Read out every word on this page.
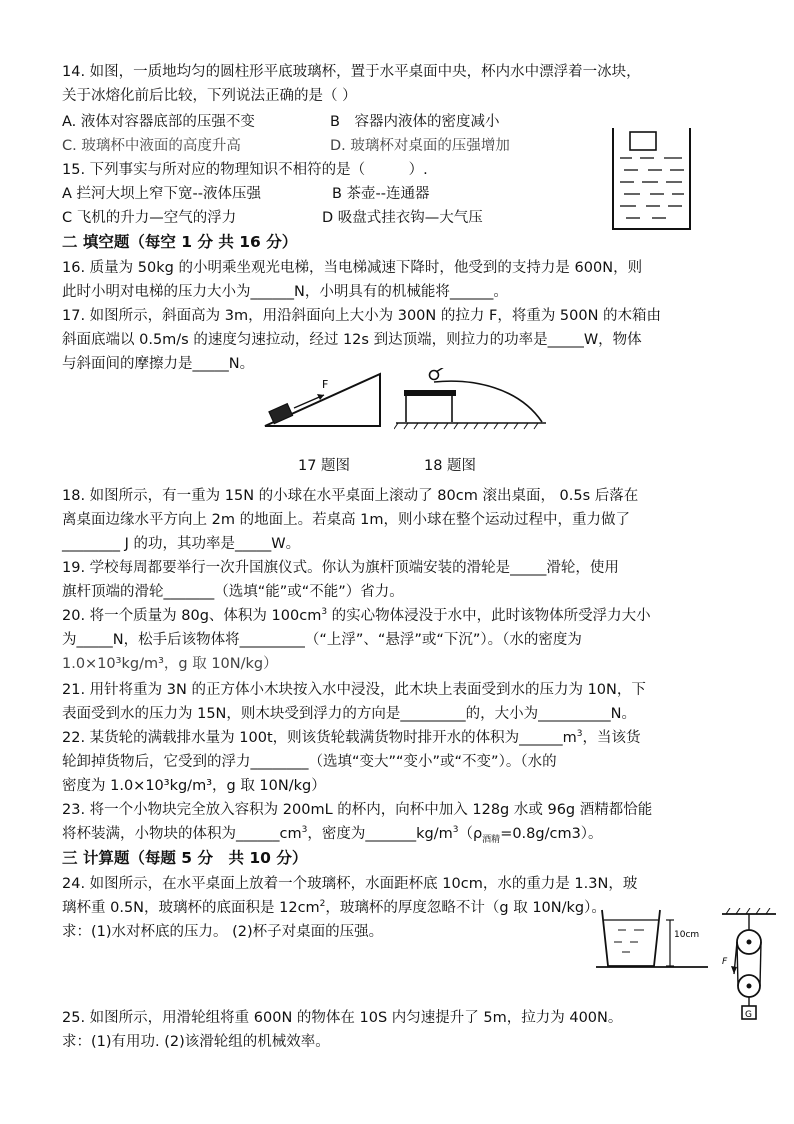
14. 如图，一质地均匀的圆柱形平底玻璃杯，置于水平桌面中央，杯内水中漂浮着一冰块，
关于冰熔化前后比较，下列说法正确的是（ ）
A. 液体对容器底部的压强不变	B　容器内液体的密度减小
C. 玻璃杯中液面的高度升高	D. 玻璃杯对桌面的压强增加
15. 下列事实与所对应的物理知识不相符的是（　　　）.
A 拦河大坝上窄下宽--液体压强	B 茶壶--连通器
C 飞机的升力—空气的浮力	D 吸盘式挂衣钩—大气压
二 填空题（每空 1 分 共 16 分）
16. 质量为 50kg 的小明乘坐观光电梯，当电梯减速下降时，他受到的支持力是 600N，则
此时小明对电梯的压力大小为______N，小明具有的机械能将______。
17. 如图所示，斜面高为 3m，用沿斜面向上大小为 300N 的拉力 F，将重为 500N 的木箱由
斜面底端以 0.5m/s 的速度匀速拉动，经过 12s 到达顶端，则拉力的功率是_____W，物体
与斜面间的摩擦力是_____N。
F
17 题图	18 题图
18. 如图所示，有一重为 15N 的小球在水平桌面上滚动了 80cm 滚出桌面， 0.5s 后落在
离桌面边缘水平方向上 2m 的地面上。若桌高 1m，则小球在整个运动过程中，重力做了
________ J 的功，其功率是_____W。
19. 学校每周都要举行一次升国旗仪式。你认为旗杆顶端安装的滑轮是_____滑轮，使用
旗杆顶端的滑轮_______（选填“能”或“不能”）省力。
20. 将一个质量为 80g、体积为 $100cm^3$ 的实心物体浸没于水中，此时该物体所受浮力大小
为_____N，松手后该物体将_________（“上浮”、“悬浮”或“下沉”）。（水的密度为
1.0×10³kg/m³，g 取 10N/kg）
21. 用针将重为 3N 的正方体小木块按入水中浸没，此木块上表面受到水的压力为 10N，下
表面受到水的压力为 15N，则木块受到浮力的方向是_________的，大小为__________N。
22. 某货轮的满载排水量为 100t，则该货轮载满货物时排开水的体积为$\_\_\_\_\_\_m^3$，当该货
轮卸掉货物后，它受到的浮力________（选填“变大”“变小”或“不变”）。（水的
密度为 1.0×10³kg/m³，g 取 10N/kg）
23. 将一个小物块完全放入容积为 200mL 的杯内，向杯中加入 128g 水或 96g 酒精都恰能
将杯装满，小物块的体积为$\_\_\_\_\_\_cm^3$，密度为$\_\_\_\_\_\_\_kg/m^3(\rho_{酒精}=0.8g/cm3)$。
三 计算题（每题 5 分　共 10 分）
24. 如图所示，在水平桌面上放着一个玻璃杯，水面距杯底 10cm，水的重力是 1.3N，玻
璃杯重 0.5N，玻璃杯的底面积是 $12cm^2$，玻璃杯的厚度忽略不计（g 取 10N/kg）。
求：(1)水对杯底的压力。 (2)杯子对桌面的压强。	10cm
F
G
25. 如图所示，用滑轮组将重 600N 的物体在 10S 内匀速提升了 5m，拉力为 400N。
求：(1)有用功. (2)该滑轮组的机械效率。
